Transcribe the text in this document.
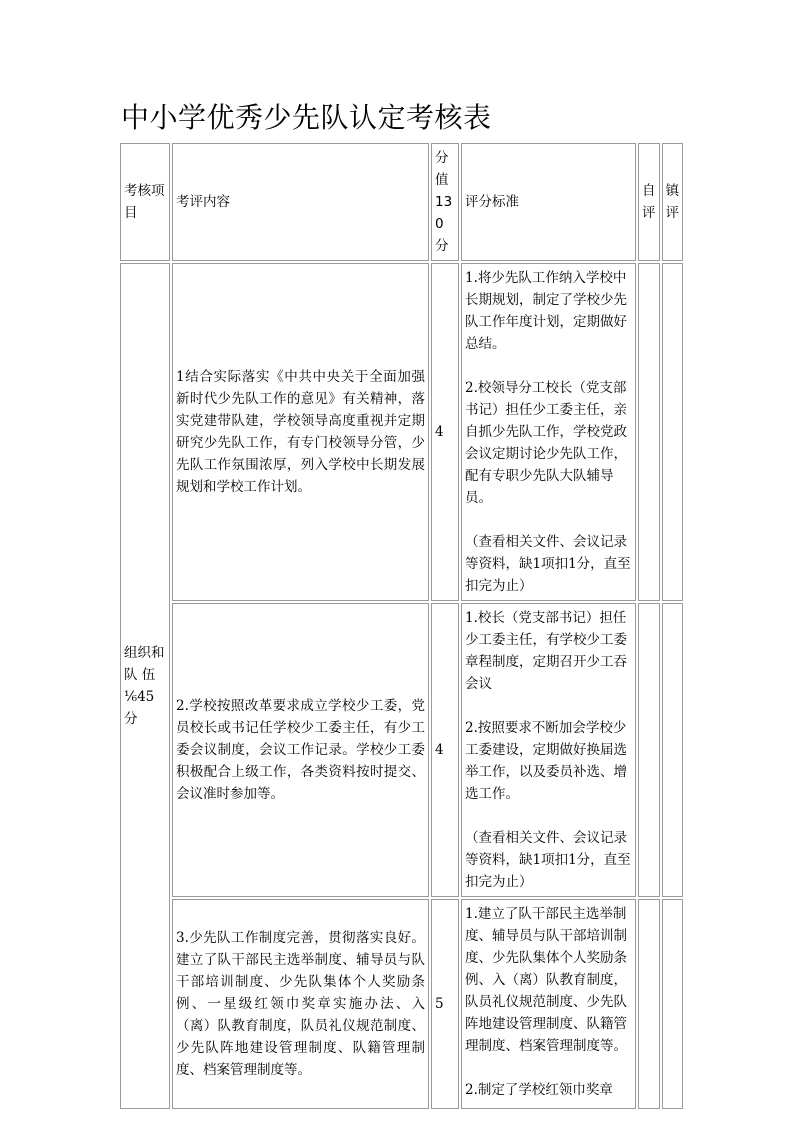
中小学优秀少先队认定考核表
考核项目	考评内容	分值130分	评分标准	自评	镇评
组织和队 伍⅙45分	1结合实际落实《中共中央关于全面加强新时代少先队工作的意见》有关精神，落实党建带队建，学校领导高度重视并定期研究少先队工作，有专门校领导分管，少先队工作氛围浓厚，列入学校中长期发展规划和学校工作计划。	4	1.将少先队工作纳入学校中长期规划，制定了学校少先队工作年度计划，定期做好总结。

2.校领导分工校长（党支部书记）担任少工委主任，亲自抓少先队工作，学校党政会议定期讨论少先队工作，配有专职少先队大队辅导员。

（查看相关文件、会议记录等资料，缺1项扣1分，直至扣完为止）		

	2.学校按照改革要求成立学校少工委，党员校长或书记任学校少工委主任，有少工委会议制度，会议工作记录。学校少工委积极配合上级工作，各类资料按时提交、会议准时参加等。	4	1.校长（党支部书记）担任少工委主任，有学校少工委章程制度，定期召开少工吞会议

2.按照要求不断加会学校少工委建设，定期做好换届选举工作，以及委员补选、增选工作。

（查看相关文件、会议记录等资料，缺1项扣1分，直至扣完为止）		

	3.少先队工作制度完善，贯彻落实良好。建立了队干部民主选举制度、辅导员与队干部培训制度、少先队集体个人奖励条例、一星级红领巾奖章实施办法、入（离）队教育制度，队员礼仪规范制度、少先队阵地建设管理制度、队籍管理制度、档案管理制度等。	5	1.建立了队干部民主选举制度、辅导员与队干部培训制度、少先队集体个人奖励条例、入（离）队教育制度，队员礼仪规范制度、少先队阵地建设管理制度、队籍管理制度、档案管理制度等。

2.制定了学校红领巾奖章		
